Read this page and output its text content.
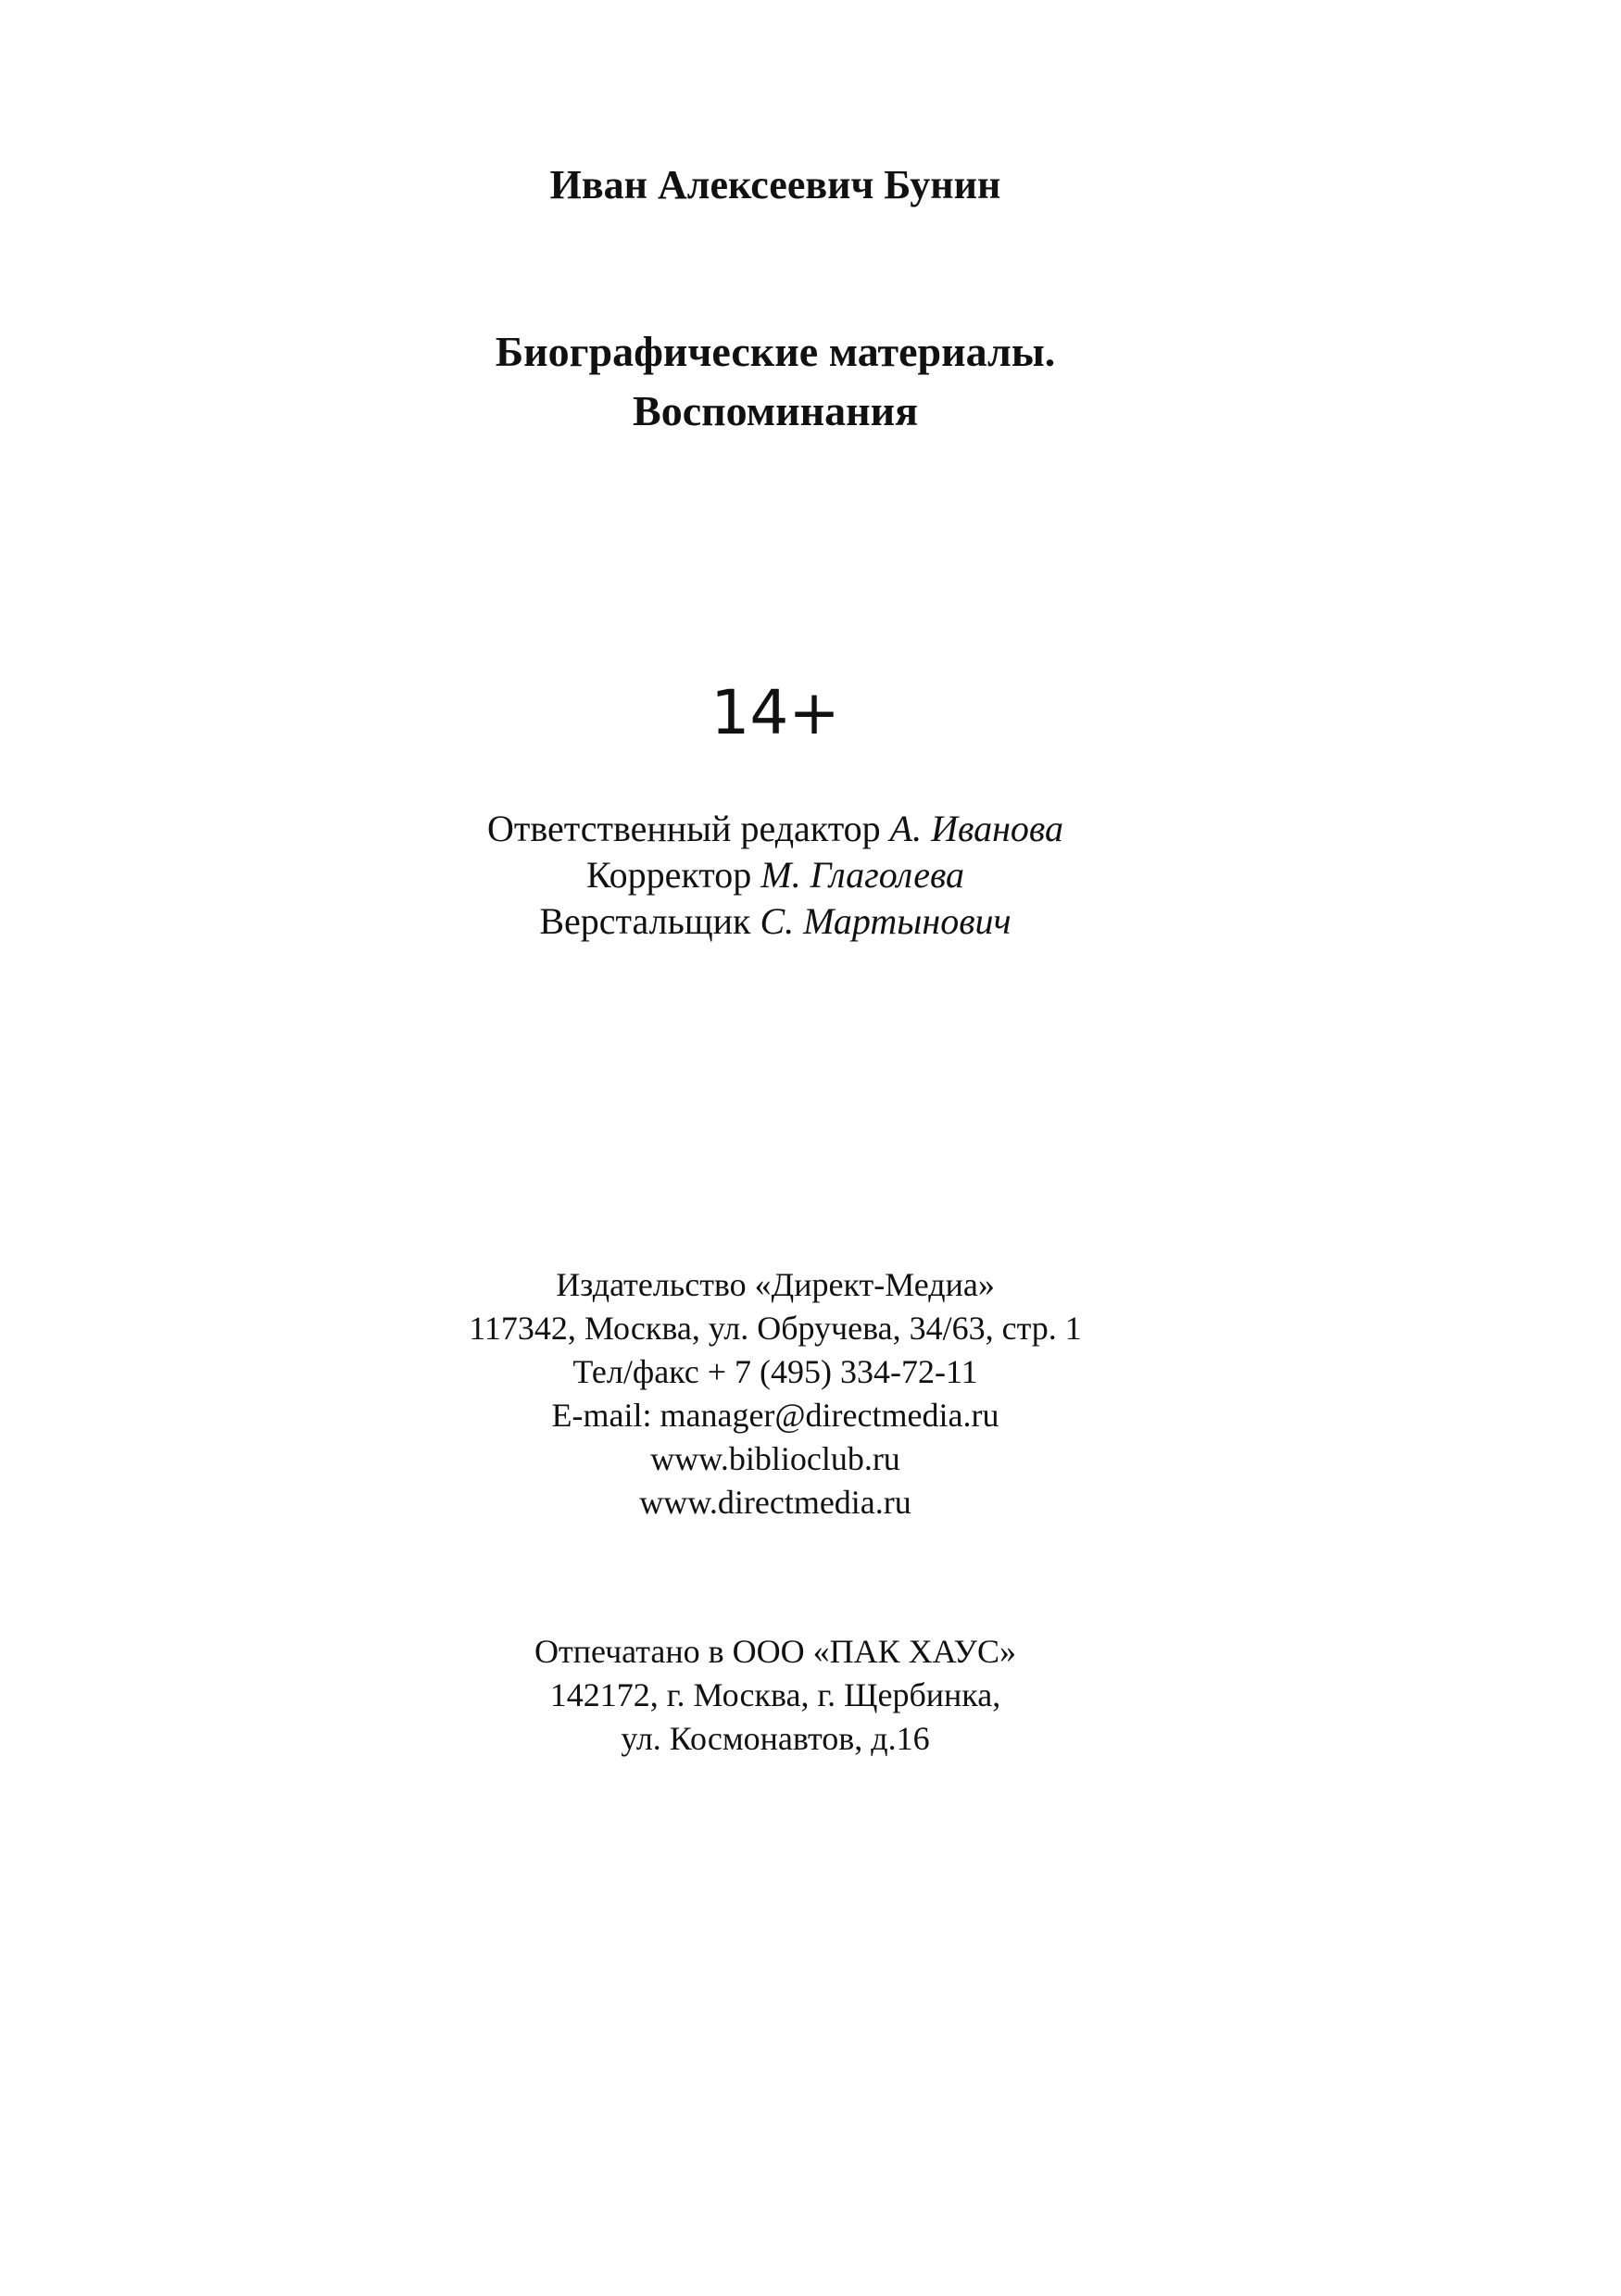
Иван Алексеевич Бунин
Биографические материалы.
Воспоминания
14+
Ответственный редактор А. Иванова
Корректор М. Глаголева
Верстальщик С. Мартынович
Издательство «Директ-Медиа»
117342, Москва, ул. Обручева, 34/63, стр. 1
Тел/факс + 7 (495) 334-72-11
E-mail: manager@directmedia.ru
www.biblioclub.ru
www.directmedia.ru
Отпечатано в ООО «ПАК ХАУС»
142172, г. Москва, г. Щербинка,
ул. Космонавтов, д.16
